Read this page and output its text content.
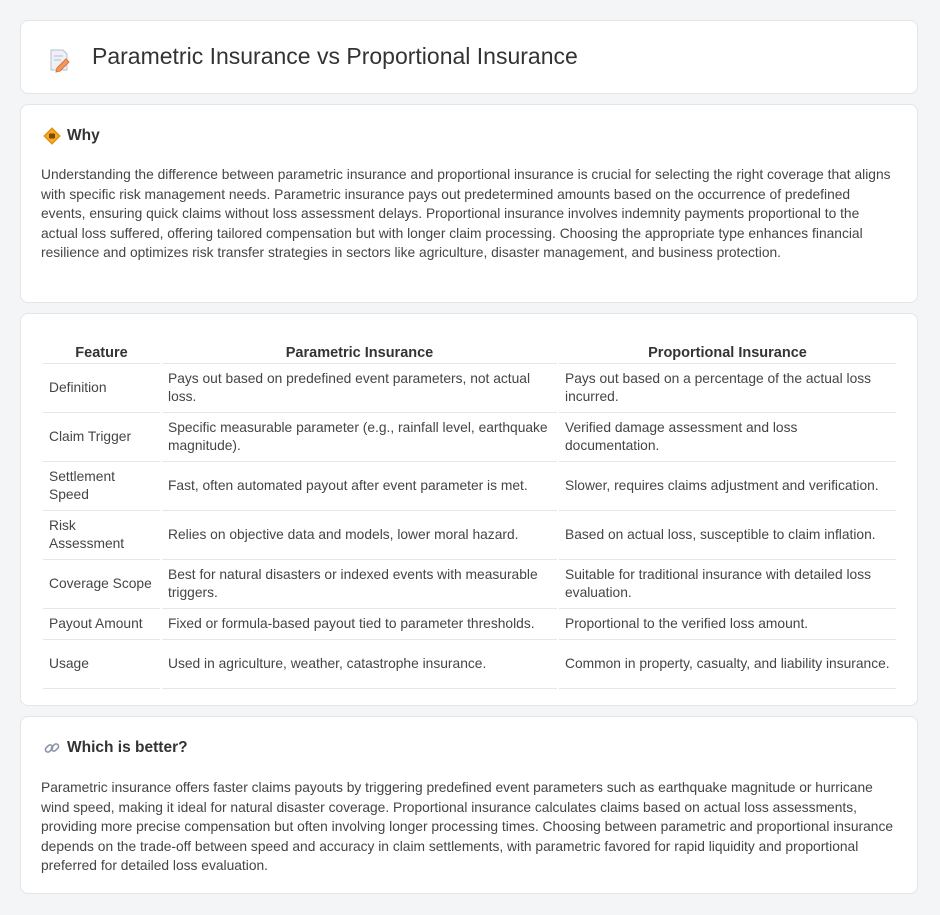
Parametric Insurance vs Proportional Insurance
Why

Understanding the difference between parametric insurance and proportional insurance is crucial for selecting the right coverage that aligns with specific risk management needs. Parametric insurance pays out predetermined amounts based on the occurrence of predefined events, ensuring quick claims without loss assessment delays. Proportional insurance involves indemnity payments proportional to the actual loss suffered, offering tailored compensation but with longer claim processing. Choosing the appropriate type enhances financial resilience and optimizes risk transfer strategies in sectors like agriculture, disaster management, and business protection.

Feature	Parametric Insurance	Proportional Insurance
Definition	Pays out based on predefined event parameters, not actual loss.	Pays out based on a percentage of the actual loss incurred.
Claim Trigger	Specific measurable parameter (e.g., rainfall level, earthquake magnitude).	Verified damage assessment and loss documentation.
Settlement Speed	Fast, often automated payout after event parameter is met.	Slower, requires claims adjustment and verification.
Risk Assessment	Relies on objective data and models, lower moral hazard.	Based on actual loss, susceptible to claim inflation.
Coverage Scope	Best for natural disasters or indexed events with measurable triggers.	Suitable for traditional insurance with detailed loss evaluation.
Payout Amount	Fixed or formula-based payout tied to parameter thresholds.	Proportional to the verified loss amount.
Usage	Used in agriculture, weather, catastrophe insurance.	Common in property, casualty, and liability insurance.
Which is better?

Parametric insurance offers faster claims payouts by triggering predefined event parameters such as earthquake magnitude or hurricane wind speed, making it ideal for natural disaster coverage. Proportional insurance calculates claims based on actual loss assessments, providing more precise compensation but often involving longer processing times. Choosing between parametric and proportional insurance depends on the trade-off between speed and accuracy in claim settlements, with parametric favored for rapid liquidity and proportional preferred for detailed loss evaluation.
